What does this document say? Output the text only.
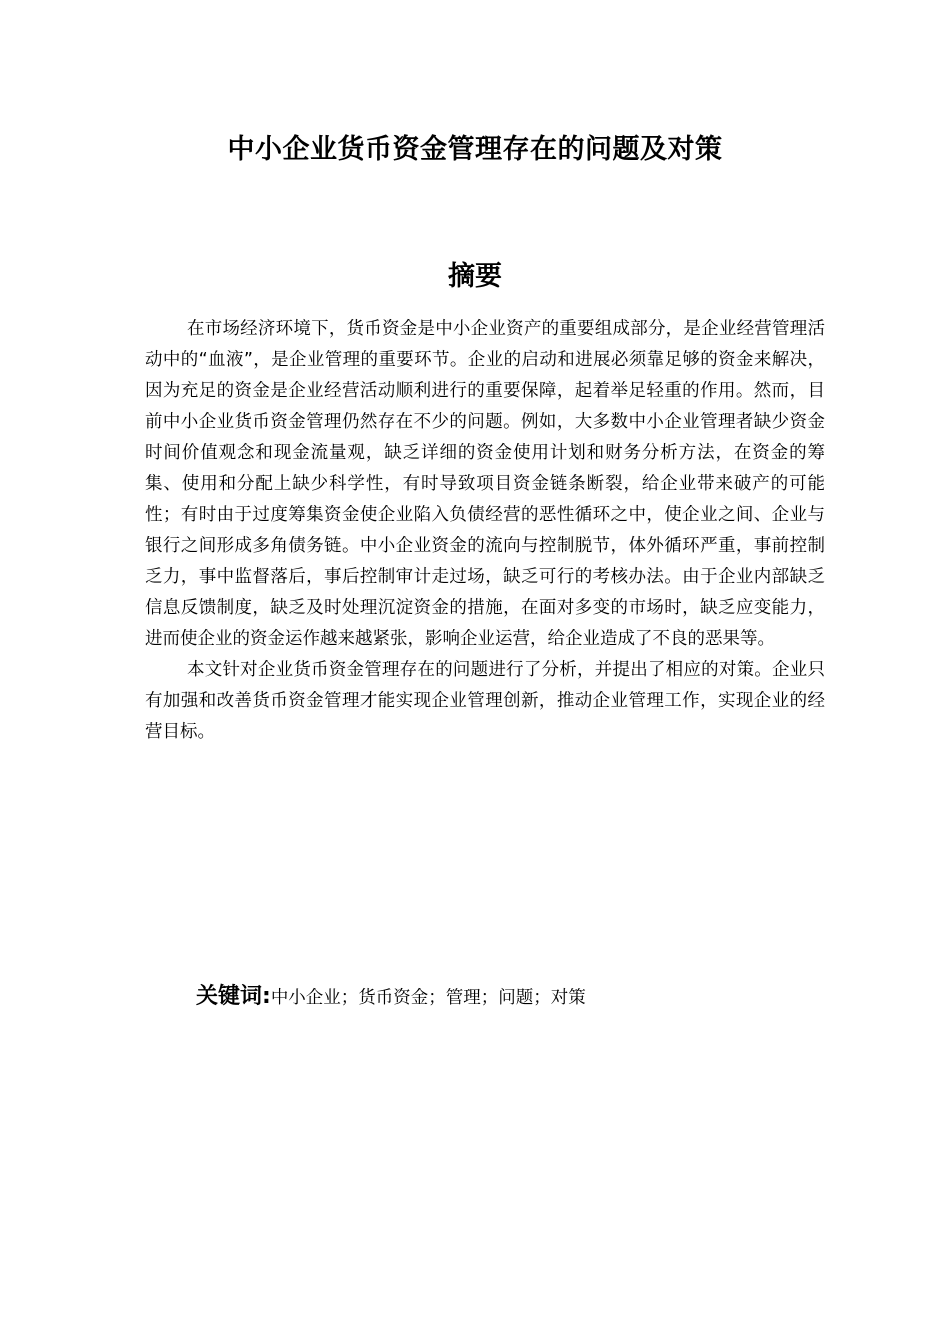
中小企业货币资金管理存在的问题及对策
摘要

在市场经济环境下，货币资金是中小企业资产的重要组成部分，是企业经营管理活动中的“血液”，是企业管理的重要环节。企业的启动和进展必须靠足够的资金来解决，因为充足的资金是企业经营活动顺利进行的重要保障，起着举足轻重的作用。然而，目前中小企业货币资金管理仍然存在不少的问题。例如，大多数中小企业管理者缺少资金时间价值观念和现金流量观，缺乏详细的资金使用计划和财务分析方法，在资金的筹集、使用和分配上缺少科学性，有时导致项目资金链条断裂，给企业带来破产的可能性；有时由于过度筹集资金使企业陷入负债经营的恶性循环之中，使企业之间、企业与银行之间形成多角债务链。中小企业资金的流向与控制脱节，体外循环严重，事前控制乏力，事中监督落后，事后控制审计走过场，缺乏可行的考核办法。由于企业内部缺乏信息反馈制度，缺乏及时处理沉淀资金的措施，在面对多变的市场时，缺乏应变能力，进而使企业的资金运作越来越紧张，影响企业运营，给企业造成了不良的恶果等。

本文针对企业货币资金管理存在的问题进行了分析，并提出了相应的对策。企业只有加强和改善货币资金管理才能实现企业管理创新，推动企业管理工作，实现企业的经营目标。

关键词:中小企业；货币资金；管理；问题；对策
